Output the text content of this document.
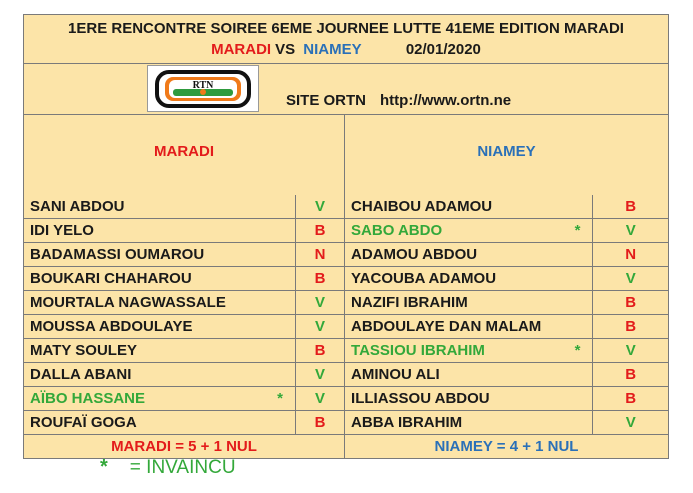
1ERE RENCONTRE SOIREE 6EME JOURNEE LUTTE 41EME EDITION MARADI
MARADI VS NIAMEY	02/01/2020
RTN
SITE ORTN http://www.ortn.ne
MARADI	NIAMEY
SANI ABDOU	V	CHAIBOU ADAMOU	B
IDI YELO	B	SABO ABDO	*	V
BADAMASSI OUMAROU	N	ADAMOU ABDOU	N
BOUKARI CHAHAROU	B	YACOUBA ADAMOU	V
MOURTALA NAGWASSALE	V	NAZIFI IBRAHIM	B
MOUSSA ABDOULAYE	V	ABDOULAYE DAN MALAM	B
MATY SOULEY	B	TASSIOU IBRAHIM	*	V
DALLA ABANI	V	AMINOU ALI	B
AÏBO HASSANE	*	V	ILLIASSOU ABDOU	B
ROUFAÏ GOGA	B	ABBA IBRAHIM	V
MARADI = 5 + 1 NUL	NIAMEY = 4 + 1 NUL
* = INVAINCU
